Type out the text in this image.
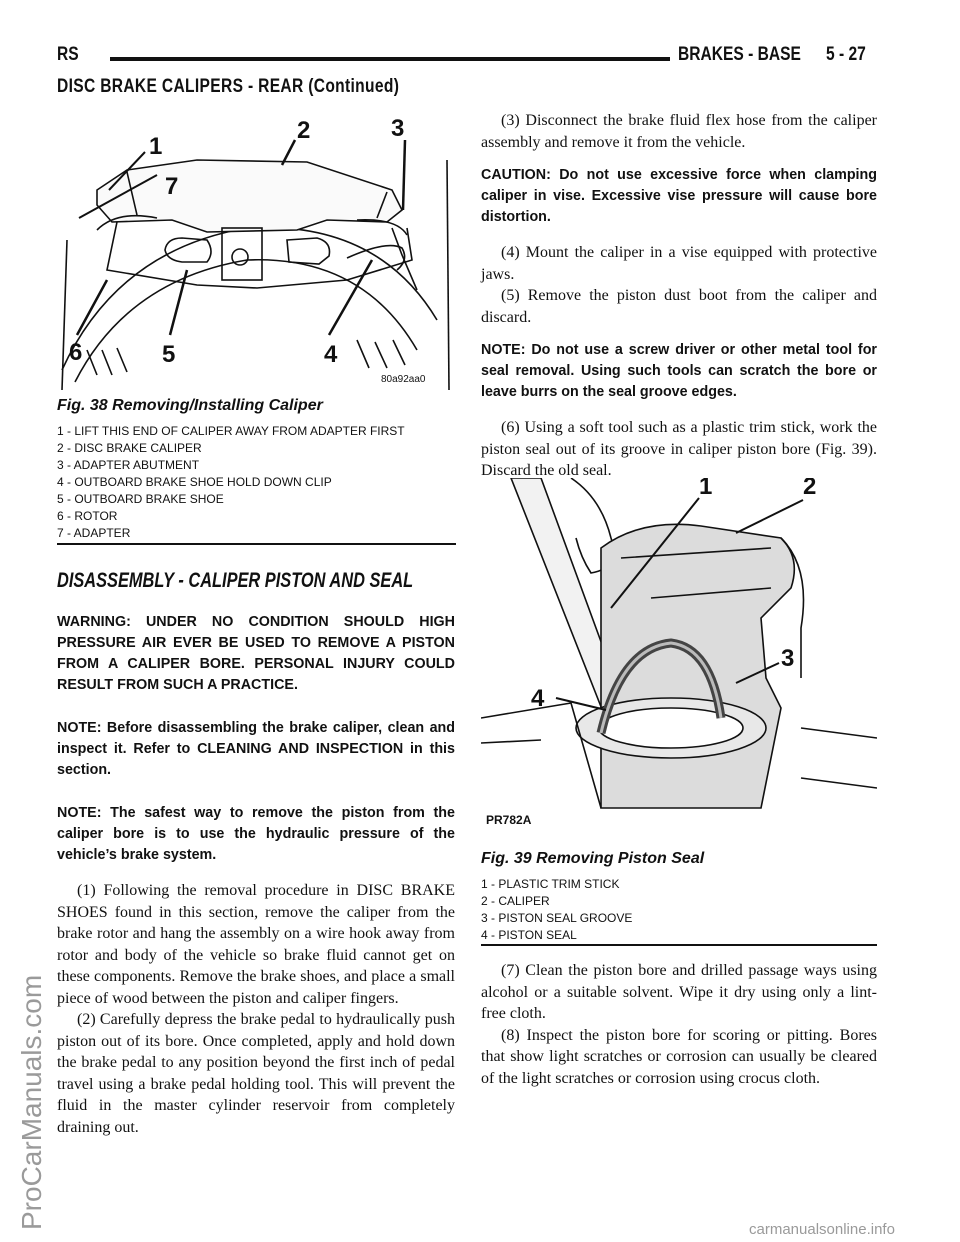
RS	BRAKES - BASE 5 - 27
DISC BRAKE CALIPERS - REAR (Continued)
1
2	3
7
6	5	4
80a92aa0
Fig. 38 Removing/Installing Caliper
1 - LIFT THIS END OF CALIPER AWAY FROM ADAPTER FIRST
2 - DISC BRAKE CALIPER
3 - ADAPTER ABUTMENT
4 - OUTBOARD BRAKE SHOE HOLD DOWN CLIP
5 - OUTBOARD BRAKE SHOE
6 - ROTOR
7 - ADAPTER
DISASSEMBLY - CALIPER PISTON AND SEAL

WARNING: UNDER NO CONDITION SHOULD HIGH PRESSURE AIR EVER BE USED TO REMOVE A PISTON FROM A CALIPER BORE. PERSONAL INJURY COULD RESULT FROM SUCH A PRACTICE.

NOTE: Before disassembling the brake caliper, clean and inspect it. Refer to CLEANING AND INSPECTION in this section.

NOTE: The safest way to remove the piston from the caliper bore is to use the hydraulic pressure of the vehicle’s brake system.

(1) Following the removal procedure in DISC BRAKE SHOES found in this section, remove the caliper from the brake rotor and hang the assembly on a wire hook away from rotor and body of the vehicle so brake fluid cannot get on these components. Remove the brake shoes, and place a small piece of wood between the piston and caliper fingers.

(2) Carefully depress the brake pedal to hydraulically push piston out of its bore. Once completed, apply and hold down the brake pedal to any position beyond the first inch of pedal travel using a brake pedal holding tool. This will prevent the fluid in the master cylinder reservoir from completely draining out.

(3) Disconnect the brake fluid flex hose from the caliper assembly and remove it from the vehicle.

CAUTION: Do not use excessive force when clamping caliper in vise. Excessive vise pressure will cause bore distortion.

(4) Mount the caliper in a vise equipped with protective jaws.

(5) Remove the piston dust boot from the caliper and discard.

NOTE: Do not use a screw driver or other metal tool for seal removal. Using such tools can scratch the bore or leave burrs on the seal groove edges.

(6) Using a soft tool such as a plastic trim stick, work the piston seal out of its groove in caliper piston bore (Fig. 39). Discard the old seal.

1	2
3
4
PR782A
Fig. 39 Removing Piston Seal
1 - PLASTIC TRIM STICK
2 - CALIPER
3 - PISTON SEAL GROOVE
4 - PISTON SEAL

(7) Clean the piston bore and drilled passage ways using alcohol or a suitable solvent. Wipe it dry using only a lint-free cloth.

(8) Inspect the piston bore for scoring or pitting. Bores that show light scratches or corrosion can usually be cleared of the light scratches or corrosion using crocus cloth.

ProCarManuals.com	carmanualsonline.info
